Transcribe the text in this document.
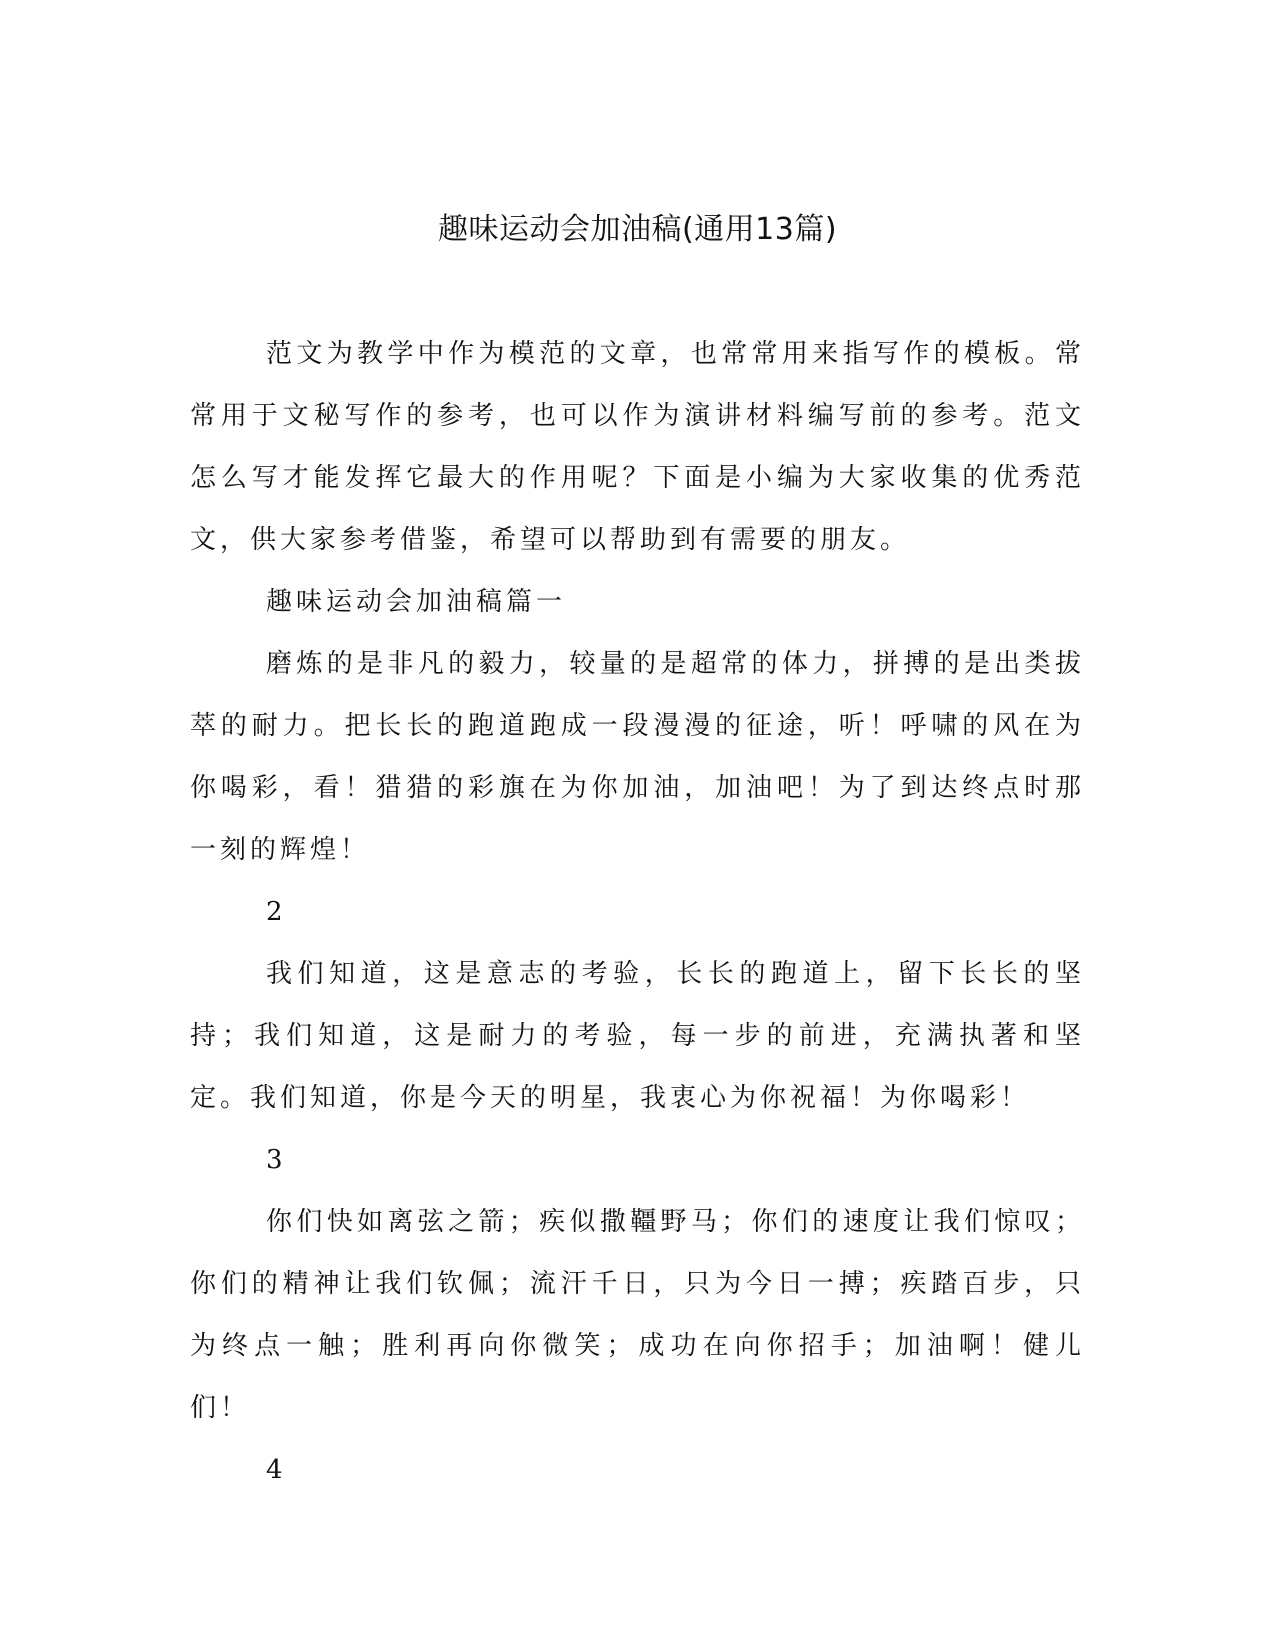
趣味运动会加油稿(通用13篇)

范文为教学中作为模范的文章，也常常用来指写作的模板。常常用于文秘写作的参考，也可以作为演讲材料编写前的参考。范文怎么写才能发挥它最大的作用呢？下面是小编为大家收集的优秀范文，供大家参考借鉴，希望可以帮助到有需要的朋友。

趣味运动会加油稿篇一

磨炼的是非凡的毅力，较量的是超常的体力，拼搏的是出类拔萃的耐力。把长长的跑道跑成一段漫漫的征途，听！呼啸的风在为你喝彩，看！猎猎的彩旗在为你加油，加油吧！为了到达终点时那一刻的辉煌！

2

我们知道，这是意志的考验，长长的跑道上，留下长长的坚持；我们知道，这是耐力的考验，每一步的前进，充满执著和坚定。我们知道，你是今天的明星，我衷心为你祝福！为你喝彩！

3

你们快如离弦之箭；疾似撒韁野马；你们的速度让我们惊叹；你们的精神让我们钦佩；流汗千日，只为今日一搏；疾踏百步，只为终点一触；胜利再向你微笑；成功在向你招手；加油啊！健儿们！

4
